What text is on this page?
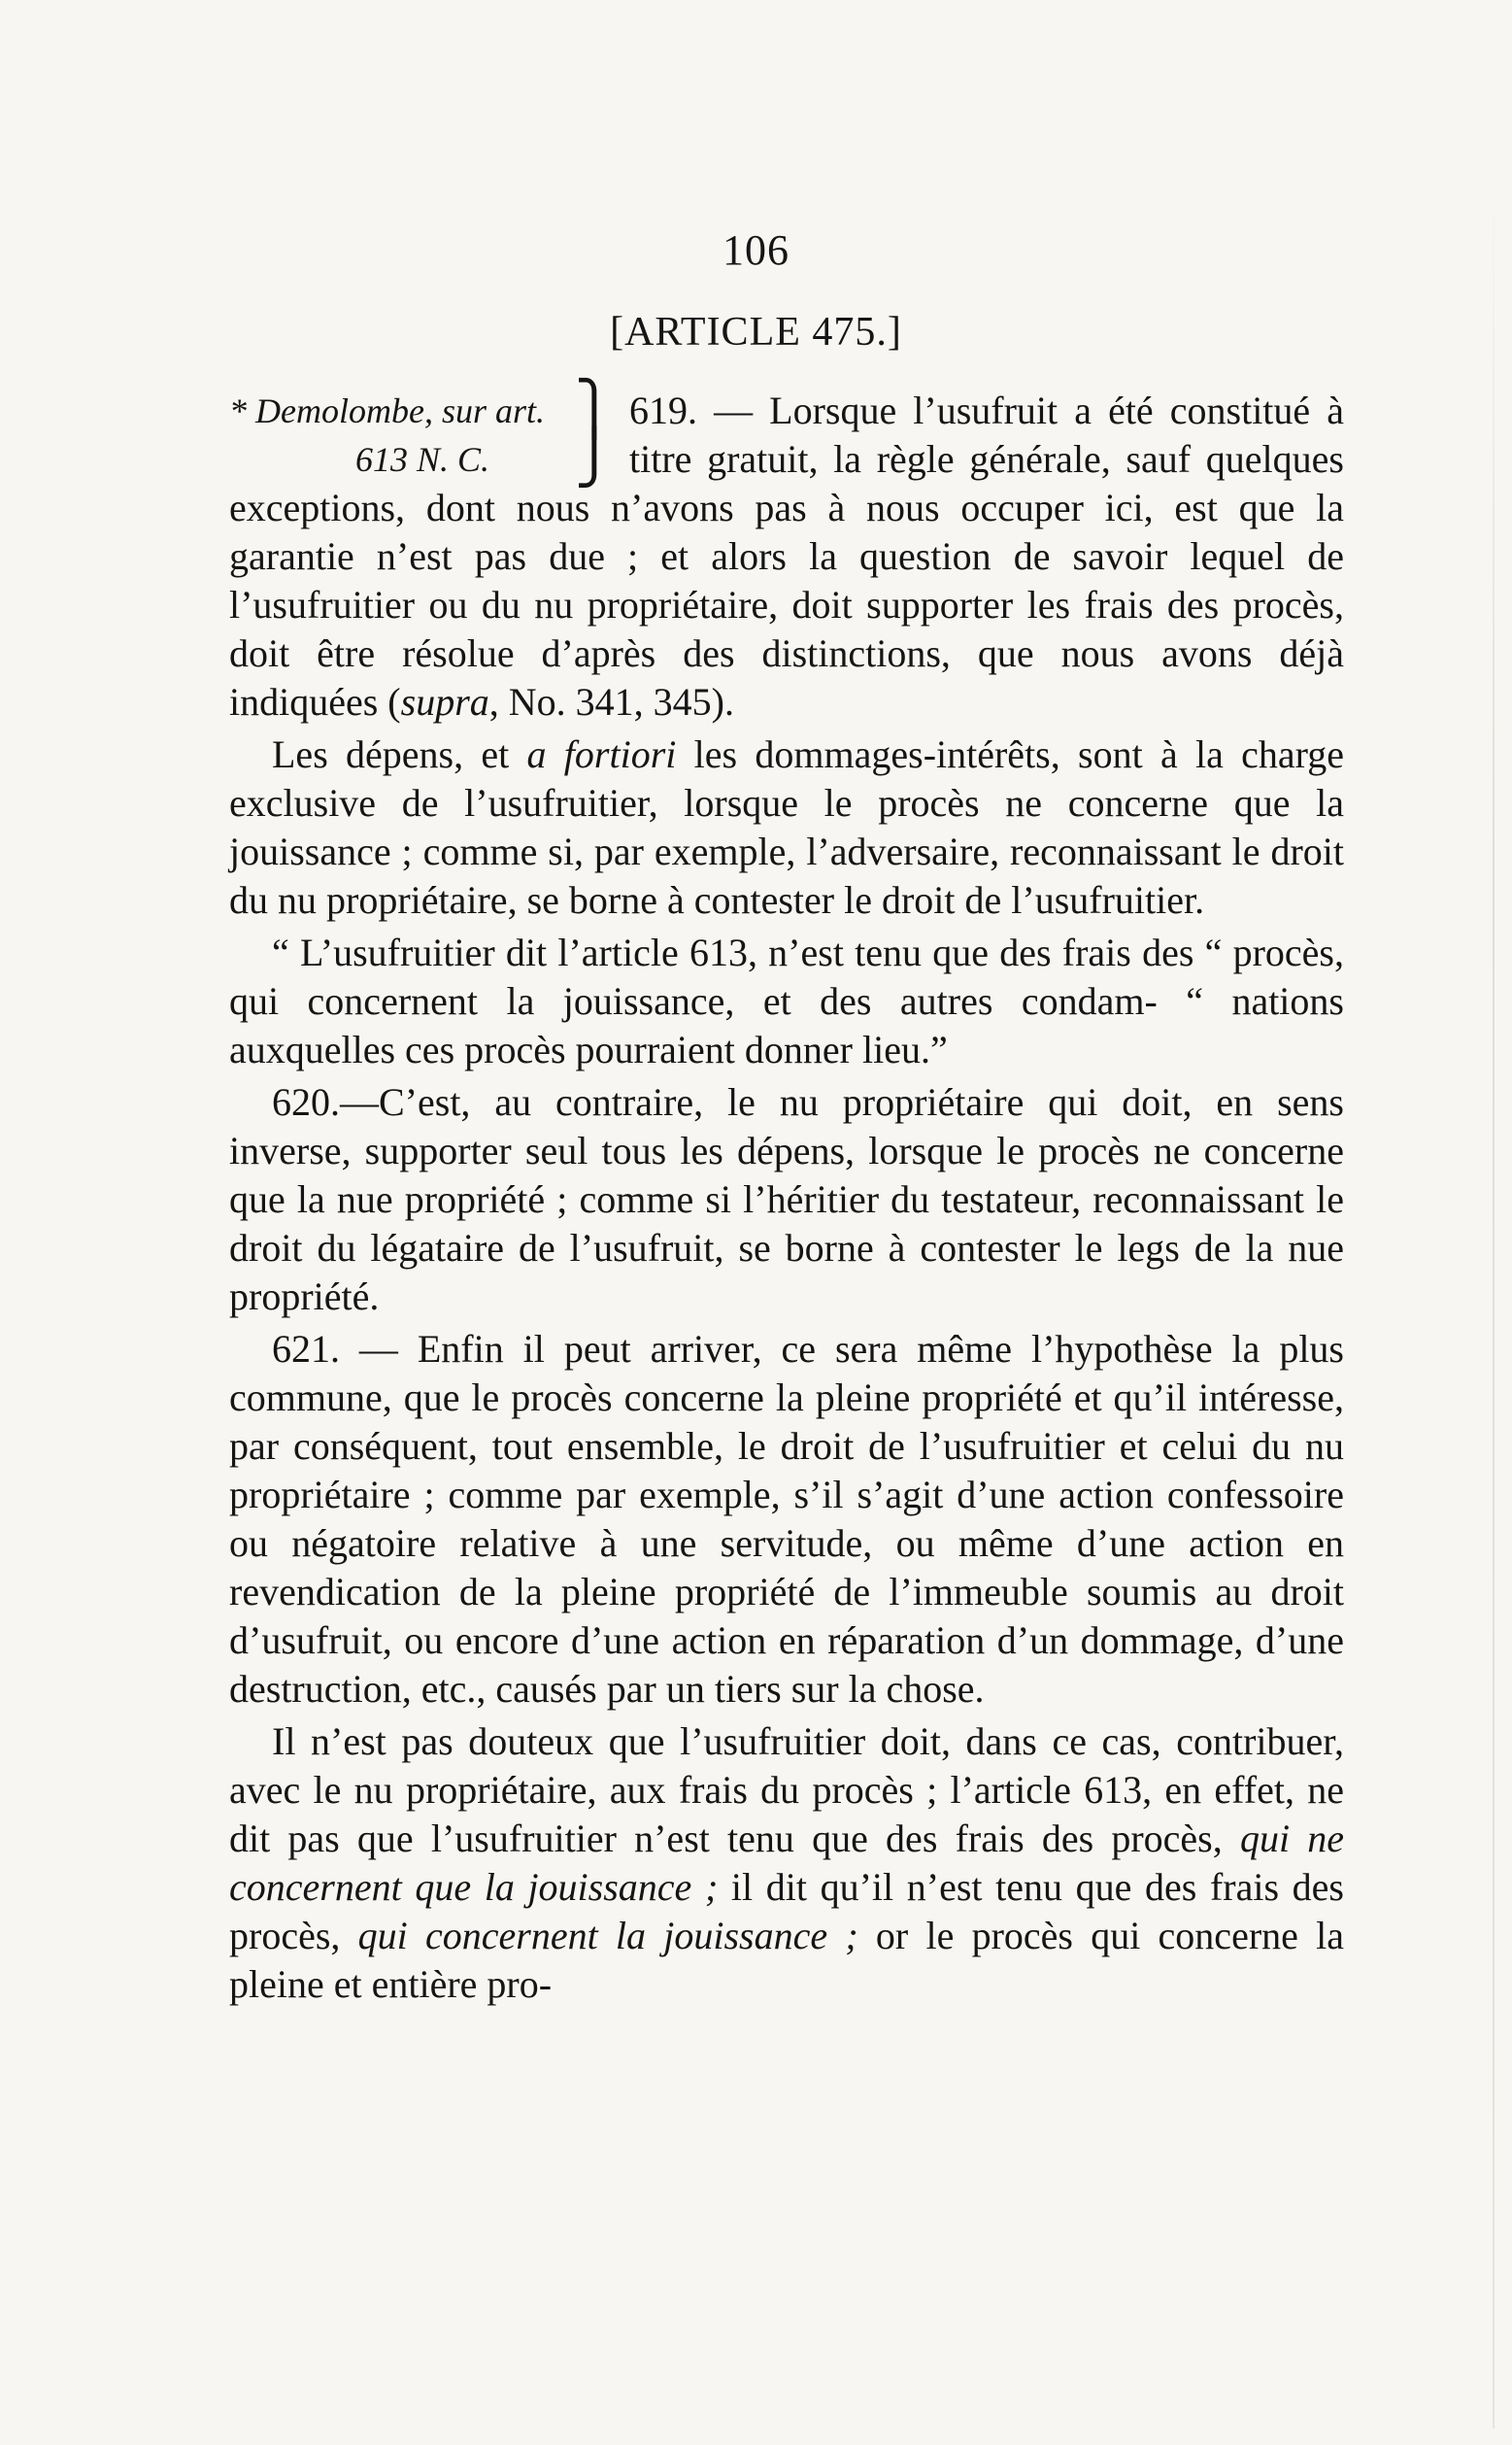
106
[ARTICLE 475.]
* Demolombe, sur art.
613 N. C.
⎫
⎭

619. — Lorsque l’usufruit a été constitué à titre gratuit, la règle générale, sauf quelques exceptions, dont nous n’avons pas à nous occuper ici, est que la garantie n’est pas due ; et alors la question de savoir lequel de l’usufruitier ou du nu propriétaire, doit supporter les frais des procès, doit être résolue d’après des distinctions, que nous avons déjà indiquées (supra, No. 341, 345).

Les dépens, et a fortiori les dommages-intérêts, sont à la charge exclusive de l’usufruitier, lorsque le procès ne concerne que la jouissance ; comme si, par exemple, l’adversaire, reconnaissant le droit du nu propriétaire, se borne à contester le droit de l’usufruitier.

“ L’usufruitier dit l’article 613, n’est tenu que des frais des “ procès, qui concernent la jouissance, et des autres condam- “ nations auxquelles ces procès pourraient donner lieu.”

620.—C’est, au contraire, le nu propriétaire qui doit, en sens inverse, supporter seul tous les dépens, lorsque le procès ne concerne que la nue propriété ; comme si l’héritier du testateur, reconnaissant le droit du légataire de l’usufruit, se borne à contester le legs de la nue propriété.

621. — Enfin il peut arriver, ce sera même l’hypothèse la plus commune, que le procès concerne la pleine propriété et qu’il intéresse, par conséquent, tout ensemble, le droit de l’usufruitier et celui du nu propriétaire ; comme par exemple, s’il s’agit d’une action confessoire ou négatoire relative à une servitude, ou même d’une action en revendication de la pleine propriété de l’immeuble soumis au droit d’usufruit, ou encore d’une action en réparation d’un dommage, d’une destruction, etc., causés par un tiers sur la chose.

Il n’est pas douteux que l’usufruitier doit, dans ce cas, contribuer, avec le nu propriétaire, aux frais du procès ; l’article 613, en effet, ne dit pas que l’usufruitier n’est tenu que des frais des procès, qui ne concernent que la jouissance ; il dit qu’il n’est tenu que des frais des procès, qui concernent la jouissance ; or le procès qui concerne la pleine et entière pro-
